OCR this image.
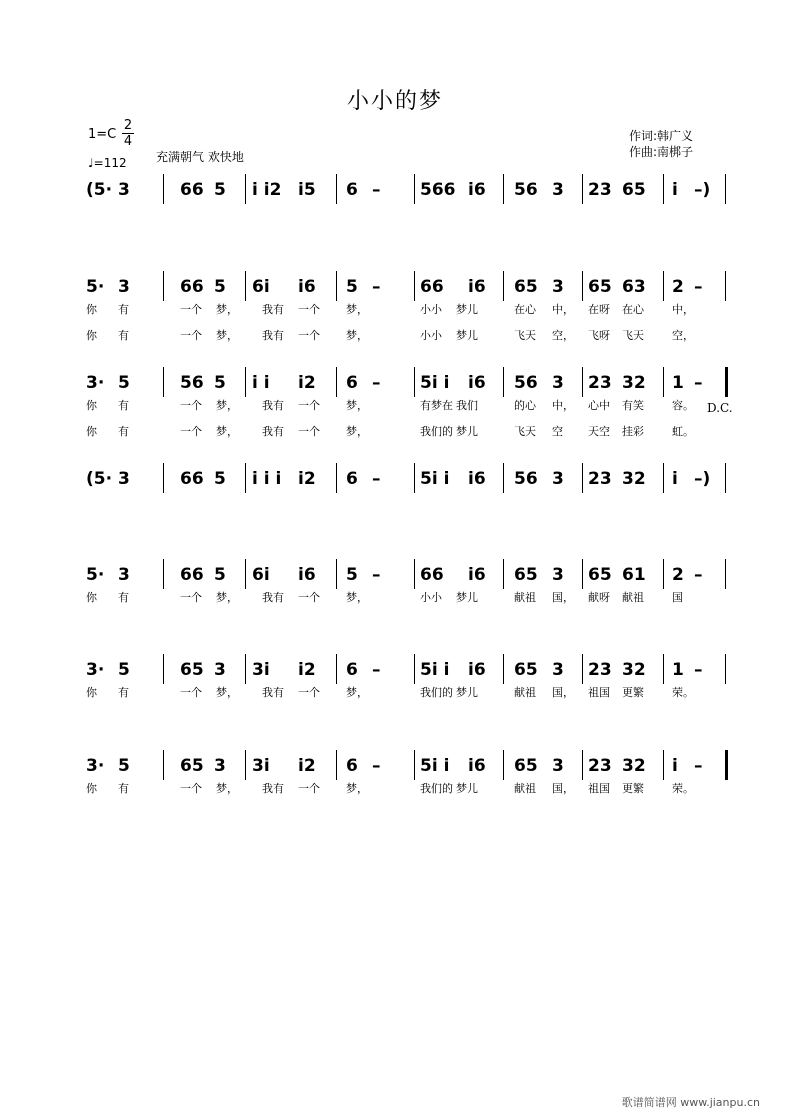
小小的梦
1=C
2
4
♩=112 充满朝气 欢快地
作词:韩广义
作曲:南梆子
(5· 3	66 5 i i2 i5 6 – 566 i6 56 3 23 65 i –)
5· 3	66 5 6i i6 5 – 66 i6 65 3 65 63 2 –
你 有	一个 梦， 我有 一个 梦，	小小 梦儿	在心 中， 在呀 在心	中，
你 有	一个 梦， 我有 一个 梦，	小小 梦儿	飞天 空， 飞呀 飞天	空，
3· 5	56 5 i i i2 6 – 5i i i6 56 3 23 32 1 –
你 有	一个 梦， 我有 一个 梦，	有梦在 我们	的心 中， 心中 有笑	容。
你 有	一个 梦， 我有 一个 梦，	我们的 梦儿	飞天 空 天空 挂彩	虹。
(5· 3	66 5 i i i i2 6 – 5i i i6 56 3 23 32 i –)
5· 3	66 5 6i i6 5 – 66 i6 65 3 65 61 2 –
你 有	一个 梦， 我有 一个 梦，	小小 梦儿	献祖 国， 献呀 献祖	国
3· 5	65 3 3i i2 6 – 5i i i6 65 3 23 32 1 –
你 有	一个 梦， 我有 一个 梦，	我们的 梦儿	献祖 国， 祖国 更繁	荣。
3· 5	65 3 3i i2 6 – 5i i i6 65 3 23 32 i –
你 有	一个 梦， 我有 一个 梦，	我们的 梦儿	献祖 国， 祖国 更繁	荣。
D.C.
歌谱简谱网 www.jianpu.cn
